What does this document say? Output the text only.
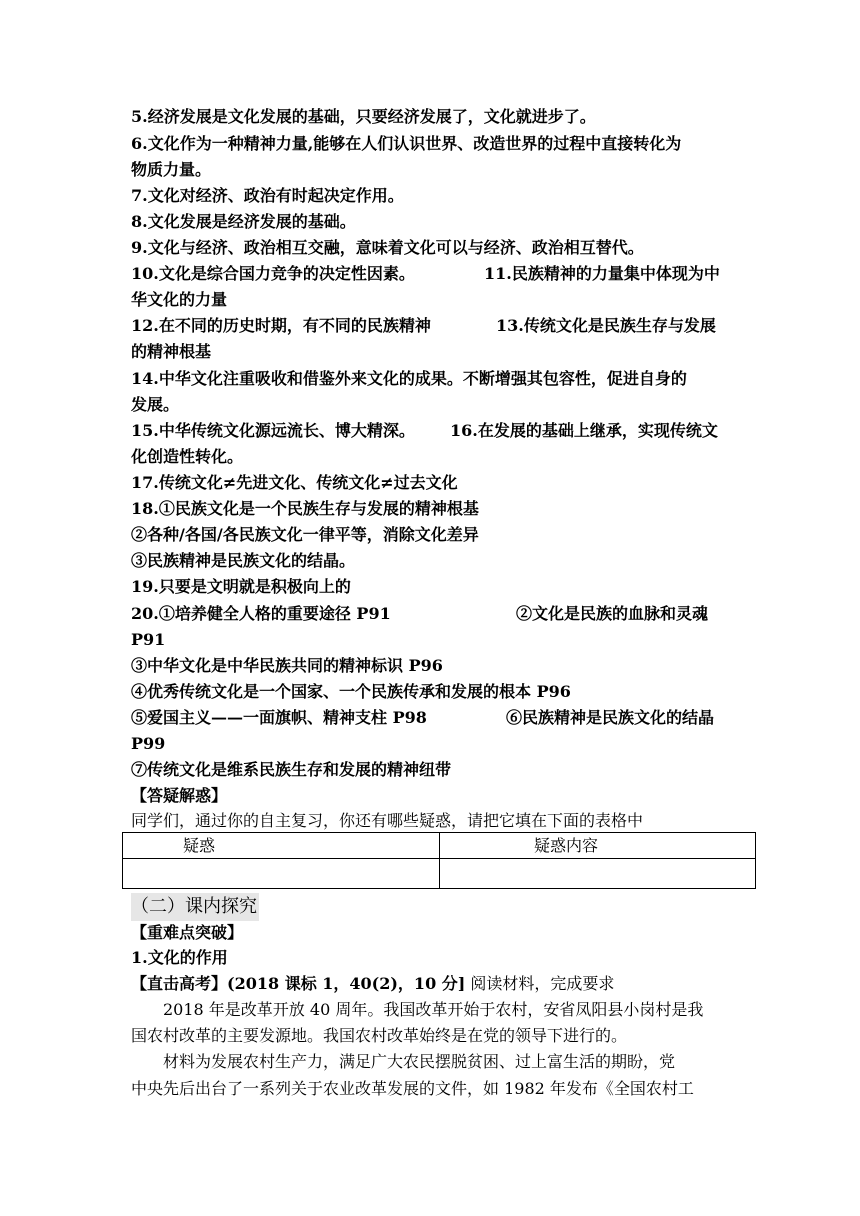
5.经济发展是文化发展的基础，只要经济发展了，文化就进步了。
6.文化作为一种精神力量,能够在人们认识世界、改造世界的过程中直接转化为
物质力量。
7.文化对经济、政治有时起决定作用。
8.文化发展是经济发展的基础。
9.文化与经济、政治相互交融，意味着文化可以与经济、政治相互替代。
10.文化是综合国力竞争的决定性因素。	11.民族精神的力量集中体现为中
华文化的力量
12.在不同的历史时期，有不同的民族精神	13.传统文化是民族生存与发展
的精神根基
14.中华文化注重吸收和借鉴外来文化的成果。不断增强其包容性，促进自身的
发展。
15.中华传统文化源远流长、博大精深。	16.在发展的基础上继承，实现传统文
化创造性转化。
17.传统文化≠先进文化、传统文化≠过去文化
18.①民族文化是一个民族生存与发展的精神根基
②各种/各国/各民族文化一律平等，消除文化差异
③民族精神是民族文化的结晶。
19.只要是文明就是积极向上的
20.①培养健全人格的重要途径 P91	②文化是民族的血脉和灵魂
P91
③中华文化是中华民族共同的精神标识 P96
④优秀传统文化是一个国家、一个民族传承和发展的根本 P96
⑤爱国主义——一面旗帜、精神支柱 P98	⑥民族精神是民族文化的结晶
P99
⑦传统文化是维系民族生存和发展的精神纽带
【答疑解惑】
同学们，通过你的自主复习，你还有哪些疑惑，请把它填在下面的表格中
疑惑	疑惑内容
（二）课内探究
【重难点突破】
1.文化的作用
【直击高考】(2018 课标 1，40(2)，10 分] 阅读材料，完成要求
2018 年是改革开放 40 周年。我国改革开始于农村，安省凤阳县小岗村是我
国农村改革的主要发源地。我国农村改革始终是在党的领导下进行的。
材料为发展农村生产力，满足广大农民摆脱贫困、过上富生活的期盼，党
中央先后出台了一系列关于农业改革发展的文件，如 1982 年发布《全国农村工
